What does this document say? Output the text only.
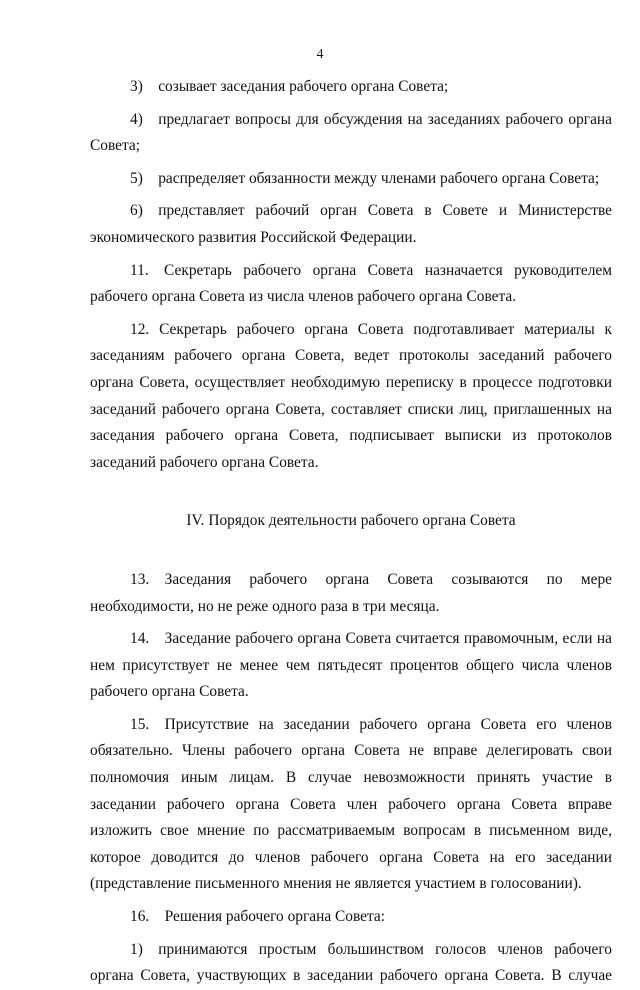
4

3) созывает заседания рабочего органа Совета;

4) предлагает вопросы для обсуждения на заседаниях рабочего органа Совета;

5) распределяет обязанности между членами рабочего органа Совета;

6) представляет рабочий орган Совета в Совете и Министерстве экономического развития Российской Федерации.

11. Секретарь рабочего органа Совета назначается руководителем рабочего органа Совета из числа членов рабочего органа Совета.

12. Секретарь рабочего органа Совета подготавливает материалы к заседаниям рабочего органа Совета, ведет протоколы заседаний рабочего органа Совета, осуществляет необходимую переписку в процессе подготовки заседаний рабочего органа Совета, составляет списки лиц, приглашенных на заседания рабочего органа Совета, подписывает выписки из протоколов заседаний рабочего органа Совета.

IV. Порядок деятельности рабочего органа Совета

13. Заседания рабочего органа Совета созываются по мере необходимости, но не реже одного раза в три месяца.

14. Заседание рабочего органа Совета считается правомочным, если на нем присутствует не менее чем пятьдесят процентов общего числа членов рабочего органа Совета.

15. Присутствие на заседании рабочего органа Совета его членов обязательно. Члены рабочего органа Совета не вправе делегировать свои полномочия иным лицам. В случае невозможности принять участие в заседании рабочего органа Совета член рабочего органа Совета вправе изложить свое мнение по рассматриваемым вопросам в письменном виде, которое доводится до членов рабочего органа Совета на его заседании (представление письменного мнения не является участием в голосовании).

16. Решения рабочего органа Совета:

1) принимаются простым большинством голосов членов рабочего органа Совета, участвующих в заседании рабочего органа Совета. В случае
